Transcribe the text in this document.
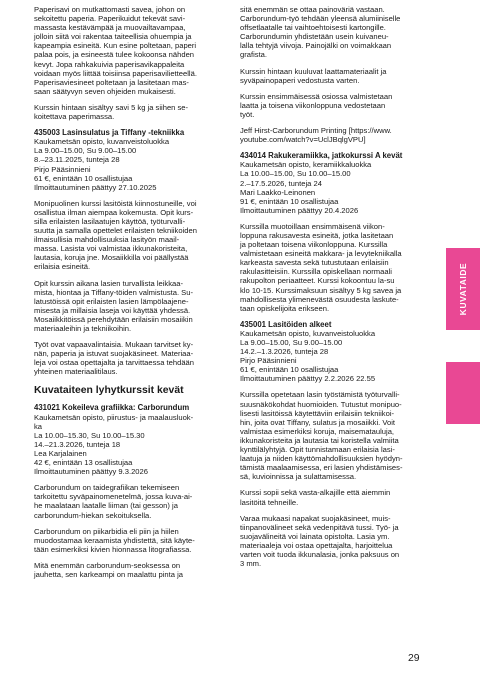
Paperisavi on mutkattomasti savea, johon on
sekoitettu paperia. Paperikuidut tekevät savi-
massasta kestävämpää ja muovailtavampaa,
jolloin siitä voi rakentaa taiteellisia ohuempia ja
kapeampia esineitä. Kun esine poltetaan, paperi
palaa pois, ja esineestä tulee kokoonsa nähden
kevyt. Jopa rahkakuivia paperisavikappaleita
voidaan myös liittää toisiinsa paperisavilietteellä.
Paperisaviesineet poltetaan ja lasitetaan mas-
saan säätyvyn seven ohjeiden mukaisesti.
Kurssin hintaan sisältyy savi 5 kg ja siihen se-
koitettava paperimassa.
435003 Lasinsulatus ja Tiffany -tekniikka
Kaukametsän opisto, kuvanveistoluokka
La 9.00–15.00, Su 9.00–15.00
8.–23.11.2025, tunteja 28
Pirjo Pääsinnieni
61 €, enintään 10 osallistujaa
Ilmoittautuminen päättyy 27.10.2025
Monipuolinen kurssi lasitöistä kiinnostuneille, voi
osallistua ilman aiempaa kokemusta. Opit kurs-
silla erilaisten lasilaatujen käyttöä, työturvalli-
suutta ja samalla opettelet erilaisten tekniikoiden
ilmaisullisia mahdollisuuksia lasityön maail-
massa. Lasista voi valmistaa ikkunakoristeita,
lautasia, koruja jne. Mosaiikkilla voi päällystää
erilaisia esineitä.
Opit kurssin aikana lasien turvallista leikkaa-
mista, hiontaa ja Tiffany-töiden valmistusta. Su-
latustöissä opit erilaisten lasien lämpölaajene-
misesta ja millaisia laseja voi käyttää yhdessä.
Mosaiikkitöissä perehdytään erilaisiin mosaiikin
materiaaleihin ja tekniikoihin.
Työt ovat vapaavalintaisia. Mukaan tarvitset ky-
nän, paperia ja istuvat suojakäsineet. Materiaa-
leja voi ostaa opettajalta ja tarvittaessa tehdään
yhteinen materiaalitilaus.
Kuvataiteen lyhytkurssit kevät
431021 Kokeileva grafiikka: Carborundum
Kaukametsän opisto, piirustus- ja maalausluok-
ka
La 10.00–15.30, Su 10.00–15.30
14.–21.3.2026, tunteja 18
Lea Karjalainen
42 €, enintään 13 osallistujaa
Ilmoittautuminen päättyy 9.3.2026
Carborundum on taidegrafiikan tekemiseen
tarkoitettu syväpainomenetelmä, jossa kuva-ai-
he maalataan laatalle liiman (tai gesson) ja
carborundum-hiekan sekoituksella.
Carborundum on piikarbidia eli piin ja hiilen
muodostamaa keraamista yhdistettä, sitä käyte-
tään esimerkiksi kivien hionnassa litografiassa.
Mitä enemmän carborundum-seoksessa on
jauhetta, sen karkeampi on maalattu pinta ja
sitä enemmän se ottaa painoväriä vastaan.
Carborundum-työ tehdään yleensä alumiiniselle
offsetlaatalle tai vaihtoehtoisesti kartongille.
Carborundumin yhdistetään usein kuivaneu-
lalla tehtyjä viivoja. Painojälki on voimakkaan
grafista.
Kurssin hintaan kuuluvat laattamateriaalit ja
syväpainopaperi vedostusta varten.
Kurssin ensimmäisessä osiossa valmistetaan
laatta ja toisena viikonloppuna vedostetaan
työt.
Jeff Hirst-Carborundum Printing [https://www.
youtube.com/watch?v=UclJBqlgVPU]
434014 Rakukeramiikka, jatkokurssi A kevät
Kaukametsän opisto, keramiikkaluokka
La 10.00–15.00, Su 10.00–15.00
2.–17.5.2026, tunteja 24
Mari Laakko-Leinonen
91 €, enintään 10 osallistujaa
Ilmoittautuminen päättyy 20.4.2026
Kurssilla muotoillaan ensimmäisenä viikon-
loppuna rakusavesta esineitä, jotka lasitetaan
ja poltetaan toisena viikonloppuna. Kurssilla
valmistetaan esineitä makkara- ja levytekniikalla
karkeasta savesta sekä tutustutaan erilaisiin
rakulasitteisiin. Kurssilla opiskellaan normaali
rakupolton periaatteet. Kurssi kokoontuu la-su
klo 10-15. Kurssimaksuun sisältyy 5 kg savea ja
mahdollisesta ylimenevästä osuudesta laskute-
taan opiskelijoita erikseen.
435001 Lasitöiden alkeet
Kaukametsän opisto, kuvanveistoluokka
La 9.00–15.00, Su 9.00–15.00
14.2.–1.3.2026, tunteja 28
Pirjo Pääsinnieni
61 €, enintään 10 osallistujaa
Ilmoittautuminen päättyy 2.2.2026 22.55
Kurssilla opetetaan lasin työstämistä työturvalli-
suusnäkökohdat huomioiden. Tutustut monipuo-
lisesti lasitöissä käytettäviin erilaisiin tekniikoi-
hin, joita ovat Tiffany, sulatus ja mosaiikki. Voit
valmistaa esimerkiksi koruja, maisematauluja,
ikkunakoristeita ja lautasia tai koristella valmiita
kynttilälyhtyjä. Opit tunnistamaan erilaisia lasi-
laatuja ja niiden käyttömahdollisuuksien hyödyn-
tämistä maalaamisessa, eri lasien yhdistämises-
sä, kuvioinnissa ja sulattamisessa.
Kurssi sopii sekä vasta-alkajille että aiemmin
lasitöitä tehneille.
Varaa mukaasi napakat suojakäsineet, muis-
tiinpanovälineet sekä vedenpitävä tussi. Työ- ja
suojavälineitä voi lainata opistolta. Lasia ym.
materiaaleja voi ostaa opettajalta, harjoittelua
varten voit tuoda ikkunalasia, jonka paksuus on
3 mm.
KUVATAIDE
29
